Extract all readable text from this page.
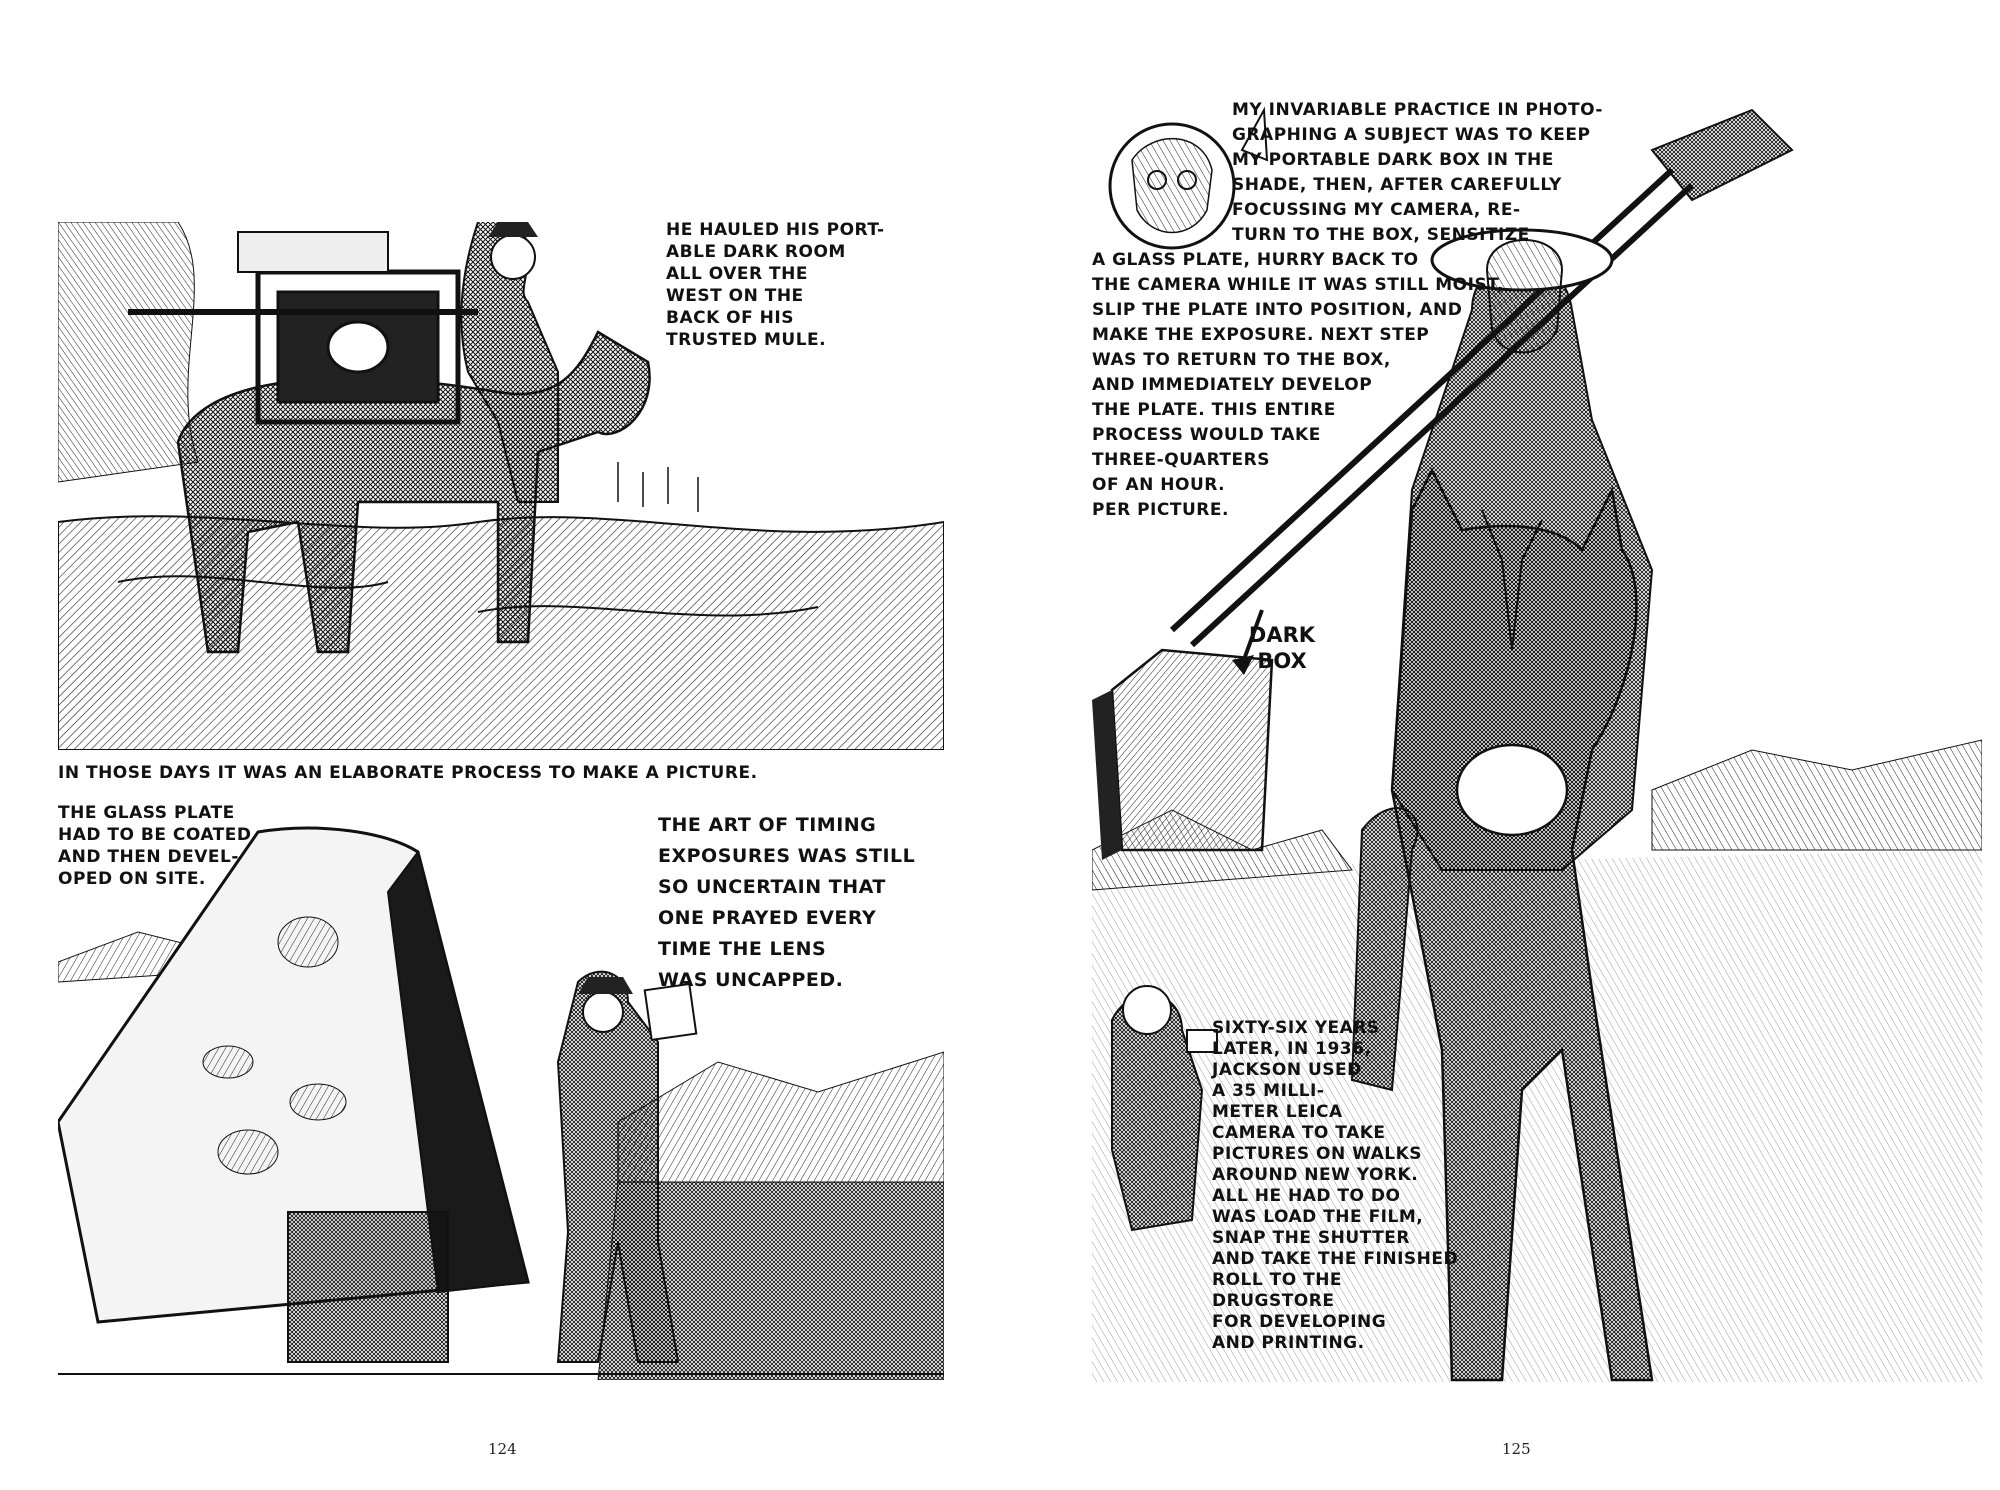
HE HAULED HIS PORT-
ABLE DARK ROOM
ALL OVER THE
WEST ON THE
BACK OF HIS
TRUSTED MULE.

IN THOSE DAYS IT WAS AN ELABORATE PROCESS TO MAKE A PICTURE.

THE GLASS PLATE
HAD TO BE COATED
AND THEN DEVEL-
OPED ON SITE.

THE ART OF TIMING
EXPOSURES WAS STILL
SO UNCERTAIN THAT
ONE PRAYED EVERY
TIME THE LENS
WAS UNCAPPED.

124

MY INVARIABLE PRACTICE IN PHOTO-
GRAPHING A SUBJECT WAS TO KEEP
MY PORTABLE DARK BOX IN THE
SHADE, THEN, AFTER CAREFULLY
FOCUSSING MY CAMERA, RE-
TURN TO THE BOX, SENSITIZE

A GLASS PLATE, HURRY BACK TO
THE CAMERA WHILE IT WAS STILL MOIST,
SLIP THE PLATE INTO POSITION, AND
MAKE THE EXPOSURE. NEXT STEP
WAS TO RETURN TO THE BOX,
AND IMMEDIATELY DEVELOP
THE PLATE. THIS ENTIRE
PROCESS WOULD TAKE
THREE-QUARTERS
OF AN HOUR.
PER PICTURE.

DARK
BOX

SIXTY-SIX YEARS
LATER, IN 1936,
JACKSON USED
A 35 MILLI-
METER LEICA
CAMERA TO TAKE
PICTURES ON WALKS
AROUND NEW YORK.
ALL HE HAD TO DO
WAS LOAD THE FILM,
SNAP THE SHUTTER
AND TAKE THE FINISHED
ROLL TO THE DRUGSTORE
FOR DEVELOPING
AND PRINTING.

125
